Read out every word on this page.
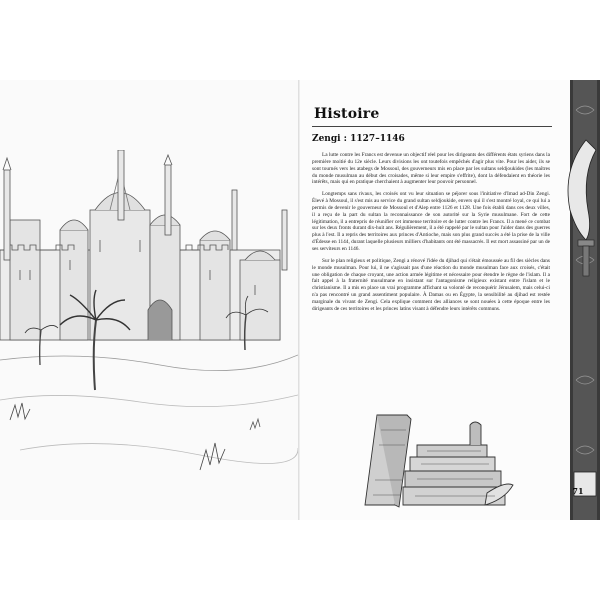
Histoire
Zengi : 1127–1146

La lutte contre les Francs est devenue un objectif réel pour les dirigeants des différents états syriens dans la première moitié du 12e siècle. Leurs divisions les ont toutefois empêchés d'agir plus vite. Pour les aider, ils se sont tournés vers les atabegs de Mossoul, des gouverneurs mis en place par les sultans seldjoukides (les maîtres du monde musulman au début des croisades, même si leur empire s'effrite), dont la défendaient en théorie les intérêts, mais qui en pratique cherchaient à augmenter leur pouvoir personnel.

Longtemps sans rivaux, les croisés ont vu leur situation se péjorer sous l'initiative d'Imad ad-Din Zengi. Élevé à Mossoul, il s'est mis au service du grand sultan seldjoukide, envers qui il s'est montré loyal, ce qui lui a permis de devenir le gouverneur de Mossoul et d'Alep entre 1126 et 1128. Une fois établi dans ces deux villes, il a reçu de la part du sultan la reconnaissance de son autorité sur la Syrie musulmane. Fort de cette légitimation, il a entrepris de réunifier cet immense territoire et de lutter contre les Francs. Il a mené ce combat sur les deux fronts durant dix-huit ans. Régulièrement, il a été rappelé par le sultan pour l'aider dans des guerres plus à l'est. Il a repris des territoires aux princes d'Antioche, mais son plus grand succès a été la prise de la ville d'Édesse en 1144, durant laquelle plusieurs milliers d'habitants ont été massacrés. Il est mort assassiné par un de ses serviteurs en 1146.

Sur le plan religieux et politique, Zengi a rénové l'idée du djihad qui s'était émoussée au fil des siècles dans le monde musulman. Pour lui, il ne s'agissait pas d'une réaction du monde musulman face aux croisés, c'était une obligation de chaque croyant, une action armée légitime et nécessaire pour étendre le règne de l'islam. Il a fait appel à la fraternité musulmane en insistant sur l'antagonisme religieux existant entre l'islam et le christianisme. Il a mis en place un vrai programme affichant sa volonté de reconquérir Jérusalem, mais celui-ci n'a pas rencontré un grand assentiment populaire. À Damas ou en Égypte, la sensibilité au djihad est restée marginale du vivant de Zengi. Cela explique comment des alliances se sont nouées à cette époque entre les dirigeants de ces territoires et les princes latins visant à défendre leurs intérêts communs.

71
